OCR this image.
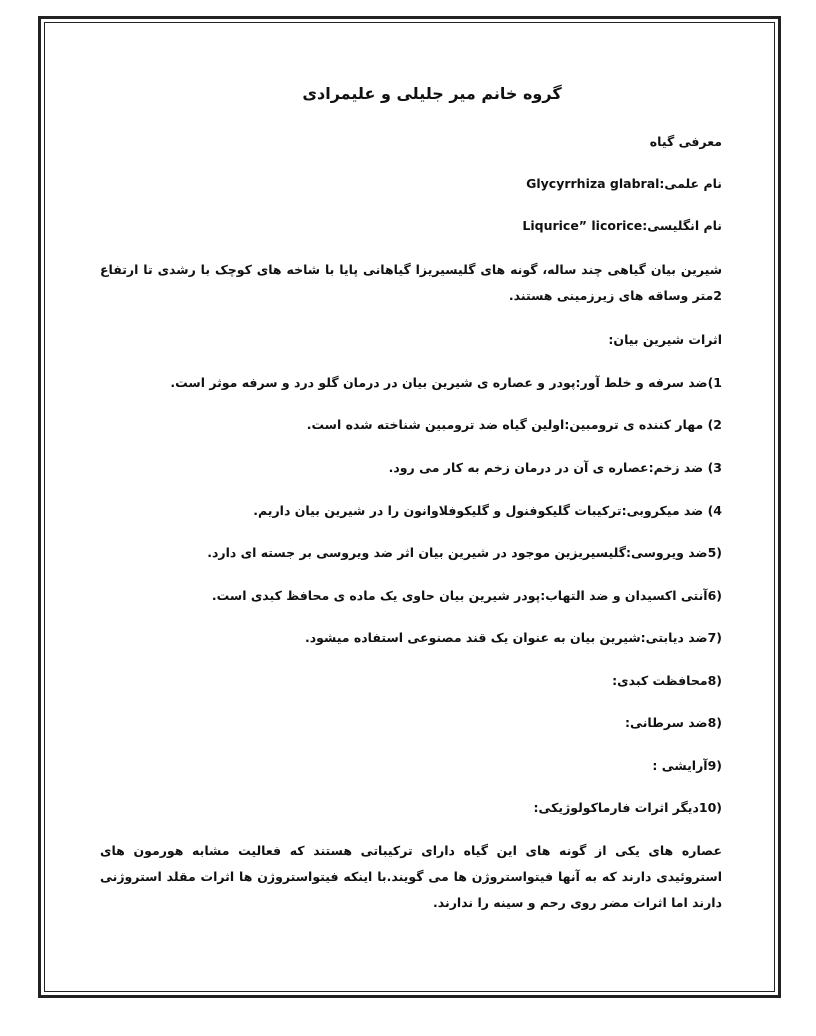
گروه خانم میر جلیلی و علیمرادی
معرفی گیاه
نام علمی:Glycyrrhiza glabral
نام انگلیسی:Liqurice” licorice
شیرین بیان گیاهی چند ساله، گونه های گلیسیریزا گیاهانی پایا با شاخه های کوچک با رشدی تا ارتفاع 2متر وساقه های زیرزمینی هستند.
اثرات شیرین بیان:
1)ضد سرفه و خلط آور:پودر و عصاره ی شیرین بیان در درمان گلو درد و سرفه موثر است.
2) مهار کننده ی ترومبین:اولین گیاه ضد ترومبین شناخته شده است.
3) ضد زخم:عصاره ی آن در درمان زخم به کار می رود.
4) ضد میکروبی:ترکیبات گلیکوفنول و گلیکوفلاوانون را در شیرین بیان داریم.
(5ضد ویروسی:گلیسیریزین موجود در شیرین بیان اثر ضد ویروسی بر جسته ای دارد.
(6آنتی اکسیدان و ضد التهاب:پودر شیرین بیان حاوی یک ماده ی محافظ کبدی است.
(7ضد دیابتی:شیرین بیان به عنوان یک قند مصنوعی استفاده میشود.
(8محافظت کبدی:
(8ضد سرطانی:
(9آرایشی :
(10دیگر اثرات فارماکولوژیکی:
عصاره های یکی از گونه های این گیاه دارای ترکیباتی هستند که فعالیت مشابه هورمون های استروئیدی دارند که به آنها فیتواستروژن ها می گویند.با اینکه فیتواستروژن ها اثرات مقلد استروژنی دارند اما اثرات مضر روی رحم و سینه را ندارند.
